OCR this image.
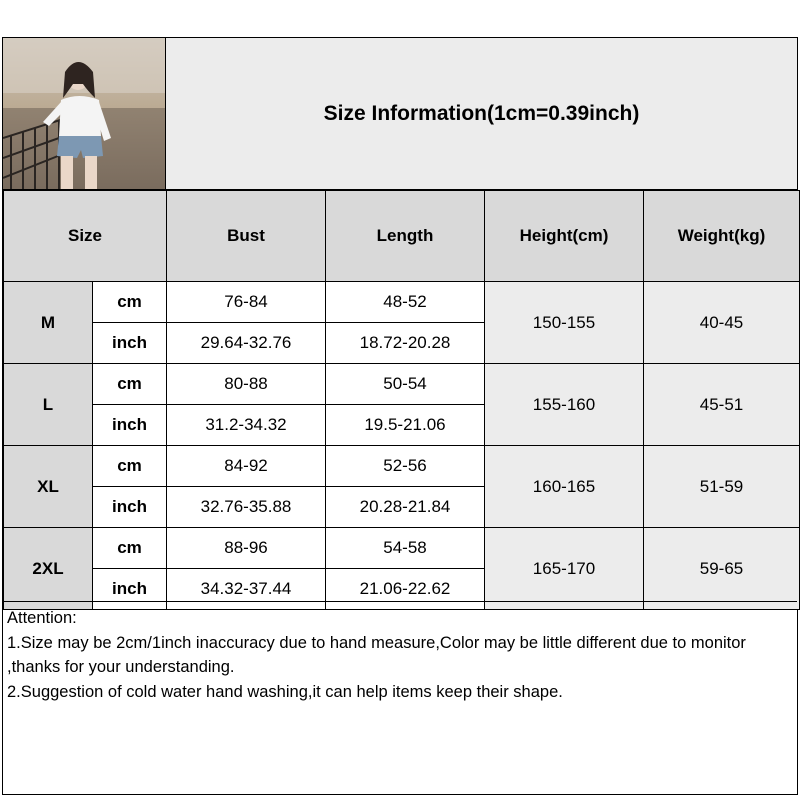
Size Information(1cm=0.39inch)
Size		Bust	Length	Height(cm)	Weight(kg)
M	cm	76-84	48-52	150-155	40-45
	inch	29.64-32.76	18.72-20.28		
L	cm	80-88	50-54	155-160	45-51
	inch	31.2-34.32	19.5-21.06		
XL	cm	84-92	52-56	160-165	51-59
	inch	32.76-35.88	20.28-21.84		
2XL	cm	88-96	54-58	165-170	59-65
	inch	34.32-37.44	21.06-22.62		
Attention:
1.Size may be 2cm/1inch inaccuracy due to hand measure,Color may be little different due to monitor ,thanks for your understanding.
2.Suggestion of cold water hand washing,it can help items keep their shape.
